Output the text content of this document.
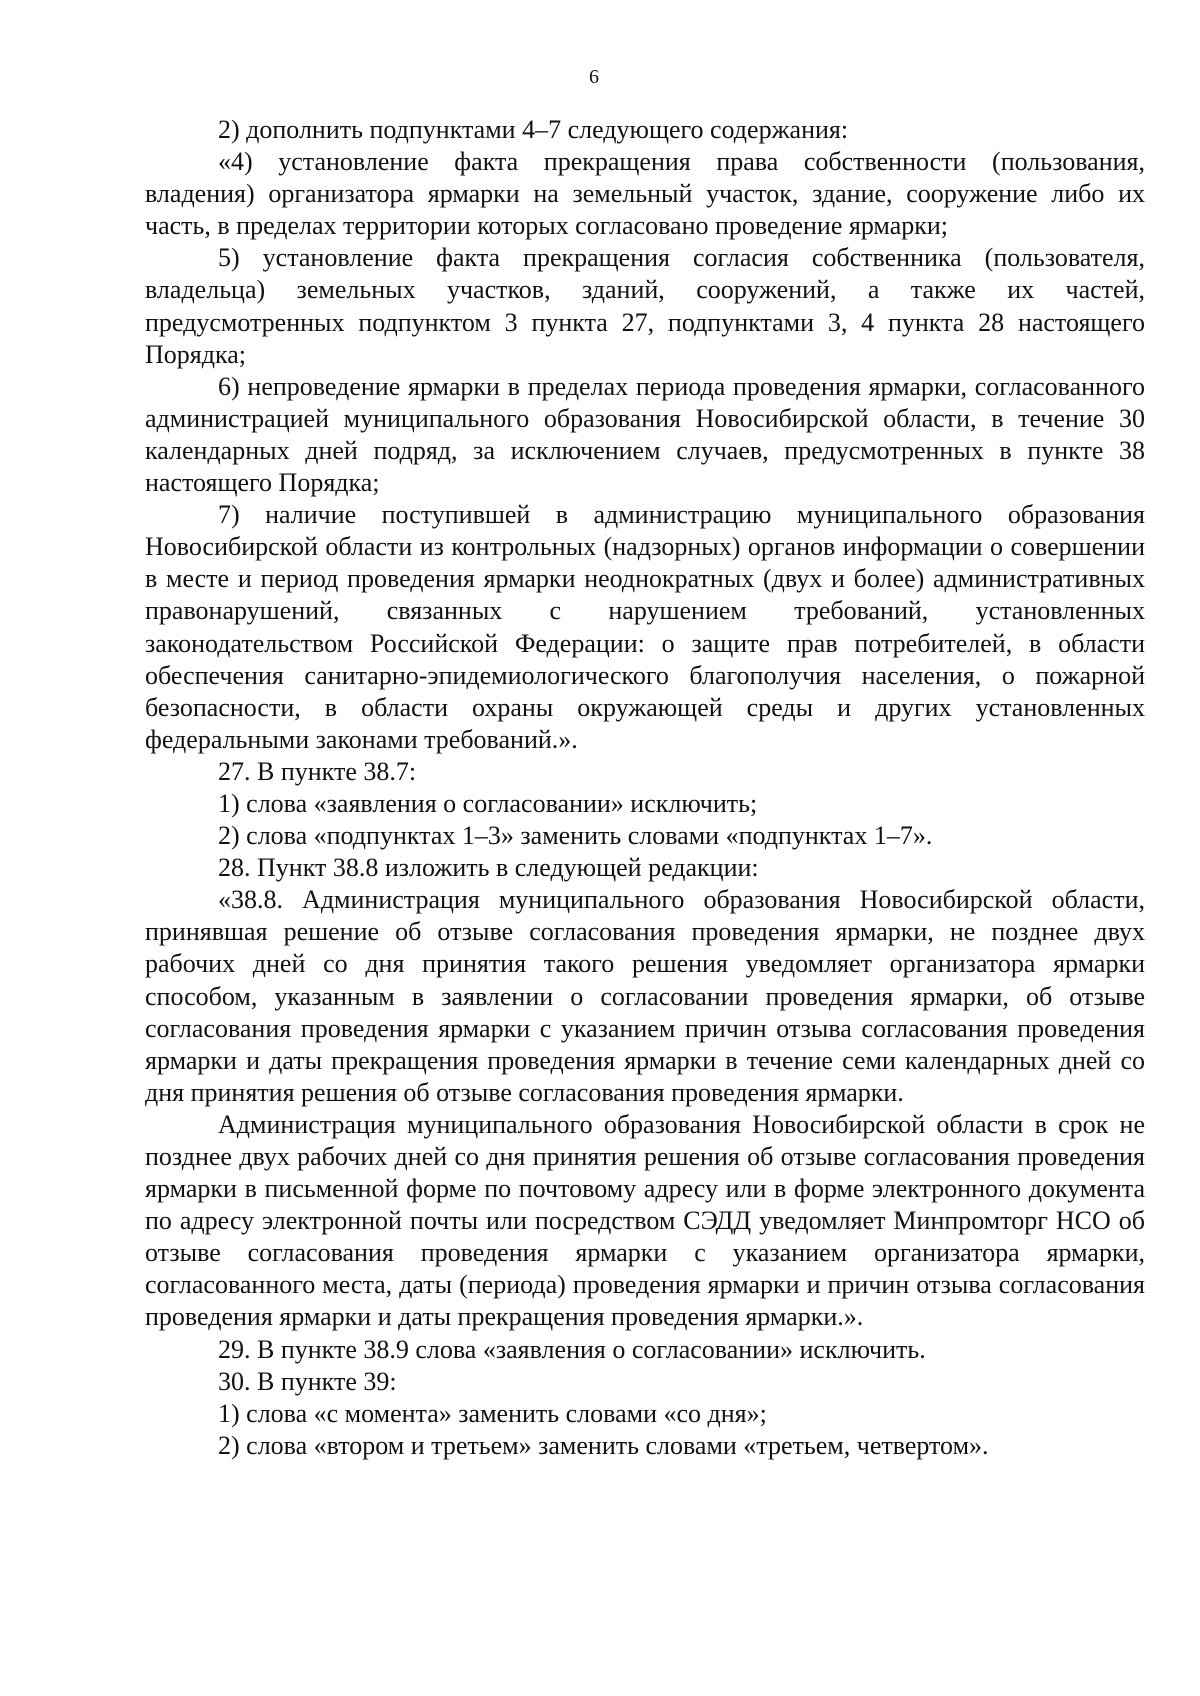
6

2) дополнить подпунктами 4–7 следующего содержания:

«4) установление факта прекращения права собственности (пользования, владения) организатора ярмарки на земельный участок, здание, сооружение либо их часть, в пределах территории которых согласовано проведение ярмарки;

5) установление факта прекращения согласия собственника (пользователя, владельца) земельных участков, зданий, сооружений, а также их частей, предусмотренных подпунктом 3 пункта 27, подпунктами 3, 4 пункта 28 настоящего Порядка;

6) непроведение ярмарки в пределах периода проведения ярмарки, согласованного администрацией муниципального образования Новосибирской области, в течение 30 календарных дней подряд, за исключением случаев, предусмотренных в пункте 38 настоящего Порядка;

7) наличие поступившей в администрацию муниципального образования Новосибирской области из контрольных (надзорных) органов информации о совершении в месте и период проведения ярмарки неоднократных (двух и более) административных правонарушений, связанных с нарушением требований, установленных законодательством Российской Федерации: о защите прав потребителей, в области обеспечения санитарно-эпидемиологического благополучия населения, о пожарной безопасности, в области охраны окружающей среды и других установленных федеральными законами требований.».

27. В пункте 38.7:

1) слова «заявления о согласовании» исключить;

2) слова «подпунктах 1–3» заменить словами «подпунктах 1–7».

28. Пункт 38.8 изложить в следующей редакции:

«38.8. Администрация муниципального образования Новосибирской области, принявшая решение об отзыве согласования проведения ярмарки, не позднее двух рабочих дней со дня принятия такого решения уведомляет организатора ярмарки способом, указанным в заявлении о согласовании проведения ярмарки, об отзыве согласования проведения ярмарки с указанием причин отзыва согласования проведения ярмарки и даты прекращения проведения ярмарки в течение семи календарных дней со дня принятия решения об отзыве согласования проведения ярмарки.

Администрация муниципального образования Новосибирской области в срок не позднее двух рабочих дней со дня принятия решения об отзыве согласования проведения ярмарки в письменной форме по почтовому адресу или в форме электронного документа по адресу электронной почты или посредством СЭДД уведомляет Минпромторг НСО об отзыве согласования проведения ярмарки с указанием организатора ярмарки, согласованного места, даты (периода) проведения ярмарки и причин отзыва согласования проведения ярмарки и даты прекращения проведения ярмарки.».

29. В пункте 38.9 слова «заявления о согласовании» исключить.

30. В пункте 39:

1) слова «с момента» заменить словами «со дня»;

2) слова «втором и третьем» заменить словами «третьем, четвертом».
